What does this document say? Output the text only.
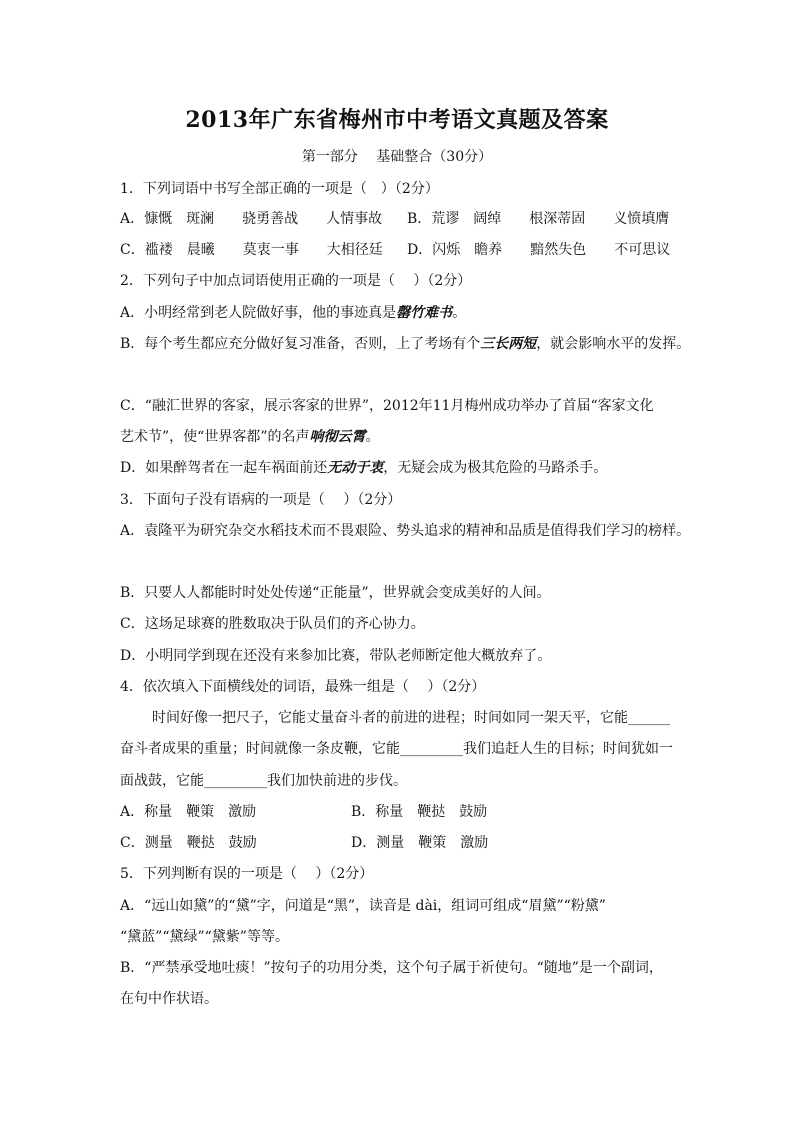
2013年广东省梅州市中考语文真题及答案
第一部分　 基础整合（30分）
1．下列词语中书写全部正确的一项是（　）（2分）
A．慷慨　斑澜　　骁勇善战　　人情事故 B．荒谬　阔绰　　根深蒂固　　义愤填膺
C．褴褛　晨曦　　莫衷一事　　大相径廷 D．闪烁　瞻养　　黯然失色　　不可思议
2．下列句子中加点词语使用正确的一项是（　 ）（2分）
A．小明经常到老人院做好事，他的事迹真是罄竹难书。
B．每个考生都应充分做好复习准备，否则，上了考场有个三长两短，就会影响水平的发挥。
C．“融汇世界的客家，展示客家的世界”，2012年11月梅州成功举办了首届“客家文化
艺术节”，使“世界客都”的名声响彻云霄。
D．如果醉驾者在一起车祸面前还无动于衷，无疑会成为极其危险的马路杀手。
3．下面句子没有语病的一项是（　 ）（2分）
A．袁隆平为研究杂交水稻技术而不畏艰险、势头追求的精神和品质是值得我们学习的榜样。
B．只要人人都能时时处处传递“正能量”，世界就会变成美好的人间。
C．这场足球赛的胜数取决于队员们的齐心协力。
D．小明同学到现在还没有来参加比赛，带队老师断定他大概放弃了。
4．依次填入下面横线处的词语，最殊一组是（　 ）（2分）
时间好像一把尺子，它能丈量奋斗者的前进的进程；时间如同一架天平，它能______
奋斗者成果的重量；时间就像一条皮鞭，它能_________我们追赶人生的目标；时间犹如一
面战鼓，它能_________我们加快前进的步伐。
A．称量　鞭策　激励	B．称量　鞭挞　鼓励
C．测量　鞭挞　鼓励	D．测量　鞭策　激励
5．下列判断有误的一项是（　 ）（2分）
A．“远山如黛”的“黛”字，问道是“黑”，读音是 dài，组词可组成“眉黛”“粉黛”
“黛蓝”“黛绿”“黛紫”等等。
B．“严禁承受地吐痰！”按句子的功用分类，这个句子属于祈使句。“随地”是一个副词，
在句中作状语。
